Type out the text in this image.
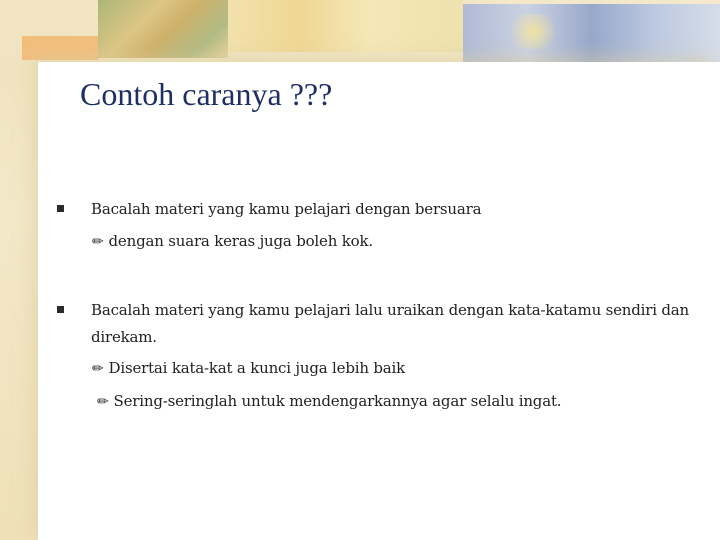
Contoh caranya ???
Bacalah materi yang kamu pelajari dengan bersuara
✏ dengan suara keras juga boleh kok.
Bacalah materi yang kamu pelajari lalu uraikan dengan kata-katamu sendiri dan
direkam.
✏ Disertai kata-kat a kunci juga lebih baik
✏ Sering-seringlah untuk mendengarkannya agar selalu ingat.
